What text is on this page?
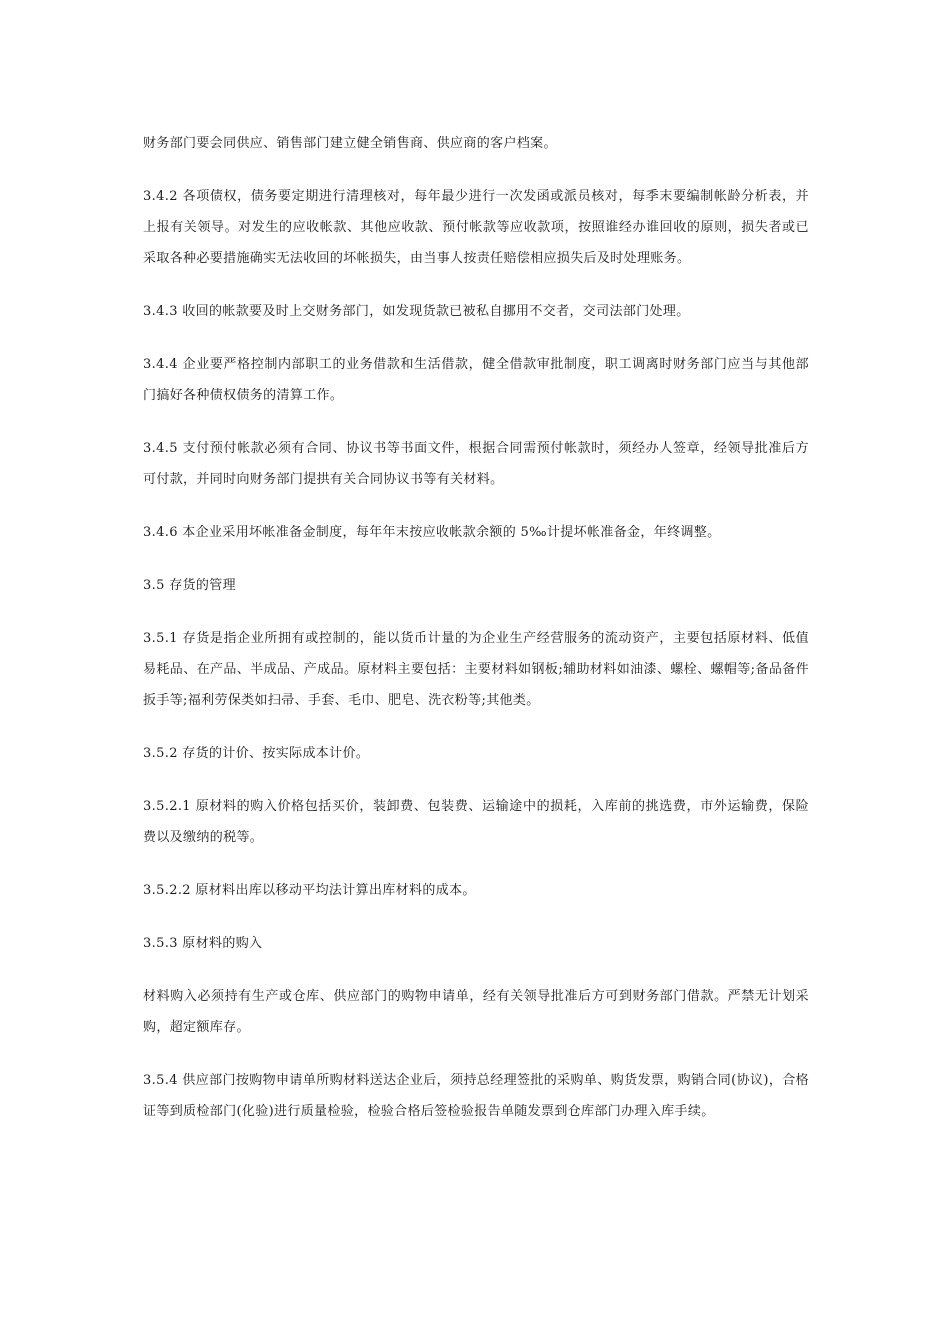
财务部门要会同供应、销售部门建立健全销售商、供应商的客户档案。

3.4.2 各项债权，债务要定期进行清理核对，每年最少进行一次发函或派员核对，每季末要编制帐龄分析表，并上报有关领导。对发生的应收帐款、其他应收款、预付帐款等应收款项，按照谁经办谁回收的原则，损失者或已采取各种必要措施确实无法收回的坏帐损失，由当事人按责任赔偿相应损失后及时处理账务。

3.4.3 收回的帐款要及时上交财务部门，如发现货款已被私自挪用不交者，交司法部门处理。

3.4.4 企业要严格控制内部职工的业务借款和生活借款，健全借款审批制度，职工调离时财务部门应当与其他部门搞好各种债权债务的清算工作。

3.4.5 支付预付帐款必须有合同、协议书等书面文件，根据合同需预付帐款时，须经办人签章，经领导批准后方可付款，并同时向财务部门提拱有关合同协议书等有关材料。

3.4.6 本企业采用坏帐准备金制度，每年年末按应收帐款余额的 5‰计提坏帐准备金，年终调整。

3.5 存货的管理

3.5.1 存货是指企业所拥有或控制的，能以货币计量的为企业生产经营服务的流动资产，主要包括原材料、低值易耗品、在产品、半成品、产成品。原材料主要包括：主要材料如钢板;辅助材料如油漆、螺栓、螺帽等;备品备件扳手等;福利劳保类如扫帚、手套、毛巾、肥皂、洗衣粉等;其他类。

3.5.2 存货的计价、按实际成本计价。

3.5.2.1 原材料的购入价格包括买价，装卸费、包装费、运输途中的损耗，入库前的挑选费，市外运输费，保险费以及缴纳的税等。

3.5.2.2 原材料出库以移动平均法计算出库材料的成本。

3.5.3 原材料的购入

材料购入必须持有生产或仓库、供应部门的购物申请单，经有关领导批准后方可到财务部门借款。严禁无计划采购，超定额库存。

3.5.4 供应部门按购物申请单所购材料送达企业后，须持总经理签批的采购单、购货发票，购销合同(协议)，合格证等到质检部门(化验)进行质量检验，检验合格后签检验报告单随发票到仓库部门办理入库手续。
